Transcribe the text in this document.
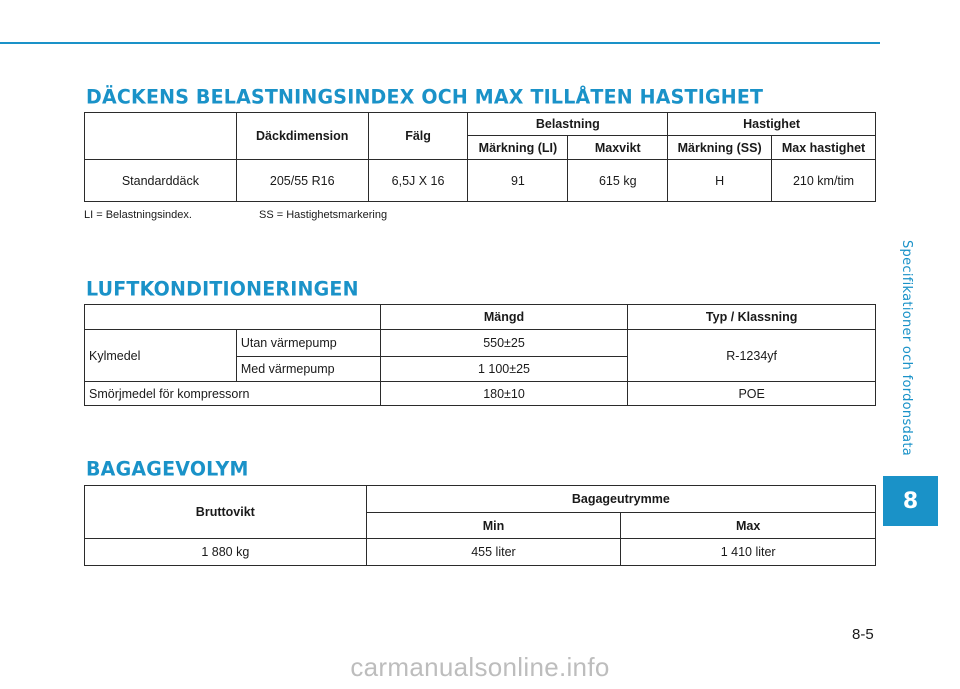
DÄCKENS BELASTNINGSINDEX OCH MAX TILLÅTEN HASTIGHET
	Däckdimension	Fälg	Belastning		Hastighet	
			Märkning (LI)	Maxvikt	Märkning (SS)	Max hastighet
Standarddäck	205/55 R16	6,5J X 16	91	615 kg	H	210 km/tim

LI = Belastningsindex.	SS = Hastighetsmarkering

LUFTKONDITIONERINGEN
		Mängd	Typ / Klassning
Kylmedel	Utan värmepump	550±25	R-1234yf
	Med värmepump	1 100±25	
Smörjmedel för kompressorn		180±10	POE
BAGAGEVOLYM
Bruttovikt	Bagageutrymme	
	Min	Max
1 880 kg	455 liter	1 410 liter
Specifikationer och fordonsdata
8

8-5

carmanualsonline.info
